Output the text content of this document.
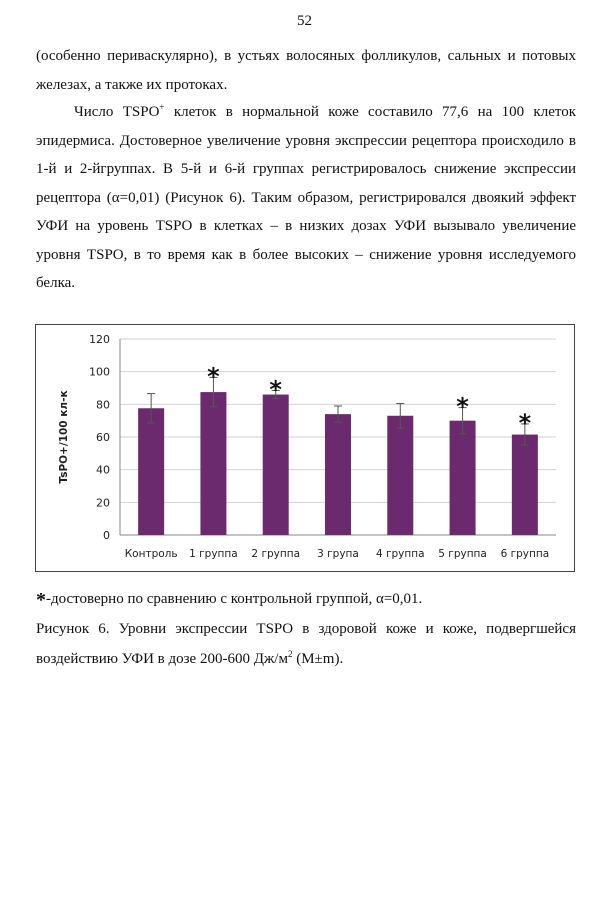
52

(особенно периваскулярно), в устьях волосяных фолликулов, сальных и потовых железах, а также их протоках.

Число TSPO+ клеток в нормальной коже составило 77,6 на 100 клеток эпидермиса. Достоверное увеличение уровня экспрессии рецептора происходило в 1-й и 2-йгруппах. В 5-й и 6-й группах регистрировалось снижение экспрессии рецептора (α=0,01) (Рисунок 6). Таким образом, регистрировался двоякий эффект УФИ на уровень TSPO в клетках – в низких дозах УФИ вызывало увеличение уровня TSPO, в то время как в более высоких – снижение уровня исследуемого белка.

0
20
40
60
80
100
120
TsPO+/100 кл-к
Контроль
*
1 группа
*
2 группа 3 група 4 группа
*
5 группа
*
6 группа
*-достоверно по сравнению с контрольной группой, α=0,01.

Рисунок 6. Уровни экспрессии TSPO в здоровой коже и коже, подвергшейся воздействию УФИ в дозе 200-600 $Дж/м^2$ (M±m).
